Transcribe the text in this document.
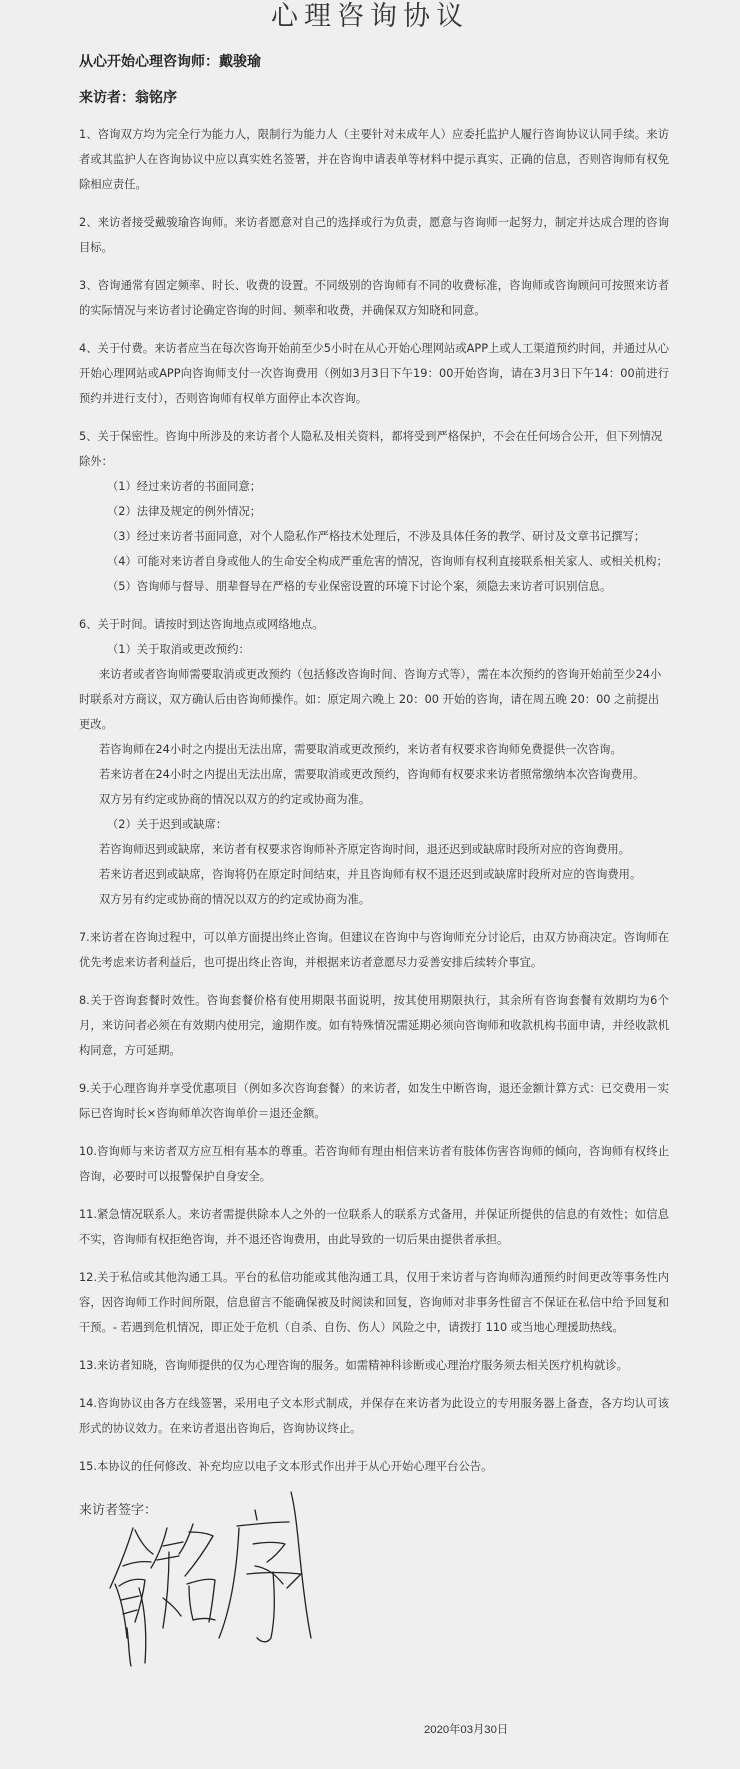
心理咨询协议
从心开始心理咨询师：戴骏瑜
来访者：翁铭序

1、咨询双方均为完全行为能力人，限制行为能力人（主要针对未成年人）应委托监护人履行咨询协议认同手续。来访者或其监护人在咨询协议中应以真实姓名签署，并在咨询申请表单等材料中提示真实、正确的信息，否则咨询师有权免除相应责任。

2、来访者接受戴骏瑜咨询师。来访者愿意对自己的选择或行为负责，愿意与咨询师一起努力，制定并达成合理的咨询目标。

3、咨询通常有固定频率、时长、收费的设置。不同级别的咨询师有不同的收费标准，咨询师或咨询顾问可按照来访者的实际情况与来访者讨论确定咨询的时间、频率和收费，并确保双方知晓和同意。

4、关于付费。来访者应当在每次咨询开始前至少5小时在从心开始心理网站或APP上或人工渠道预约时间，并通过从心开始心理网站或APP向咨询师支付一次咨询费用（例如3月3日下午19：00开始咨询，请在3月3日下午14：00前进行预约并进行支付），否则咨询师有权单方面停止本次咨询。

5、关于保密性。咨询中所涉及的来访者个人隐私及相关资料，都将受到严格保护，不会在任何场合公开，但下列情况除外：
（1）经过来访者的书面同意；
（2）法律及规定的例外情况；
（3）经过来访者书面同意，对个人隐私作严格技术处理后，不涉及具体任务的教学、研讨及文章书记撰写；
（4）可能对来访者自身或他人的生命安全构成严重危害的情况，咨询师有权利直接联系相关家人、或相关机构；
（5）咨询师与督导、朋辈督导在严格的专业保密设置的环境下讨论个案，须隐去来访者可识别信息。
6、关于时间。请按时到达咨询地点或网络地点。
（1）关于取消或更改预约：
来访者或者咨询师需要取消或更改预约（包括修改咨询时间、咨询方式等），需在本次预约的咨询开始前至少24小时联系对方商议，双方确认后由咨询师操作。如：原定周六晚上 20：00 开始的咨询，请在周五晚 20：00 之前提出更改。
若咨询师在24小时之内提出无法出席，需要取消或更改预约，来访者有权要求咨询师免费提供一次咨询。
若来访者在24小时之内提出无法出席，需要取消或更改预约，咨询师有权要求来访者照常缴纳本次咨询费用。
双方另有约定或协商的情况以双方的约定或协商为准。
（2）关于迟到或缺席：
若咨询师迟到或缺席，来访者有权要求咨询师补齐原定咨询时间，退还迟到或缺席时段所对应的咨询费用。
若来访者迟到或缺席，咨询将仍在原定时间结束，并且咨询师有权不退还迟到或缺席时段所对应的咨询费用。
双方另有约定或协商的情况以双方的约定或协商为准。

7.来访者在咨询过程中，可以单方面提出终止咨询。但建议在咨询中与咨询师充分讨论后，由双方协商决定。咨询师在优先考虑来访者利益后，也可提出终止咨询，并根据来访者意愿尽力妥善安排后续转介事宜。

8.关于咨询套餐时效性。咨询套餐价格有使用期限书面说明，按其使用期限执行，其余所有咨询套餐有效期均为6个月，来访问者必须在有效期内使用完，逾期作废。如有特殊情况需延期必须向咨询师和收款机构书面申请，并经收款机构同意，方可延期。

9.关于心理咨询并享受优惠项目（例如多次咨询套餐）的来访者，如发生中断咨询，退还金额计算方式：已交费用－实际已咨询时长×咨询师单次咨询单价＝退还金额。

10.咨询师与来访者双方应互相有基本的尊重。若咨询师有理由相信来访者有肢体伤害咨询师的倾向，咨询师有权终止咨询，必要时可以报警保护自身安全。

11.紧急情况联系人。来访者需提供除本人之外的一位联系人的联系方式备用，并保证所提供的信息的有效性；如信息不实，咨询师有权拒绝咨询，并不退还咨询费用，由此导致的一切后果由提供者承担。

12.关于私信或其他沟通工具。平台的私信功能或其他沟通工具，仅用于来访者与咨询师沟通预约时间更改等事务性内容，因咨询师工作时间所限，信息留言不能确保被及时阅读和回复，咨询师对非事务性留言不保证在私信中给予回复和干预。- 若遇到危机情况，即正处于危机（自杀、自伤、伤人）风险之中，请拨打 110 或当地心理援助热线。

13.来访者知晓，咨询师提供的仅为心理咨询的服务。如需精神科诊断或心理治疗服务须去相关医疗机构就诊。

14.咨询协议由各方在线签署，采用电子文本形式制成，并保存在来访者为此设立的专用服务器上备查，各方均认可该形式的协议效力。在来访者退出咨询后，咨询协议终止。

15.本协议的任何修改、补充均应以电子文本形式作出并于从心开始心理平台公告。

来访者签字：
2020年03月30日
